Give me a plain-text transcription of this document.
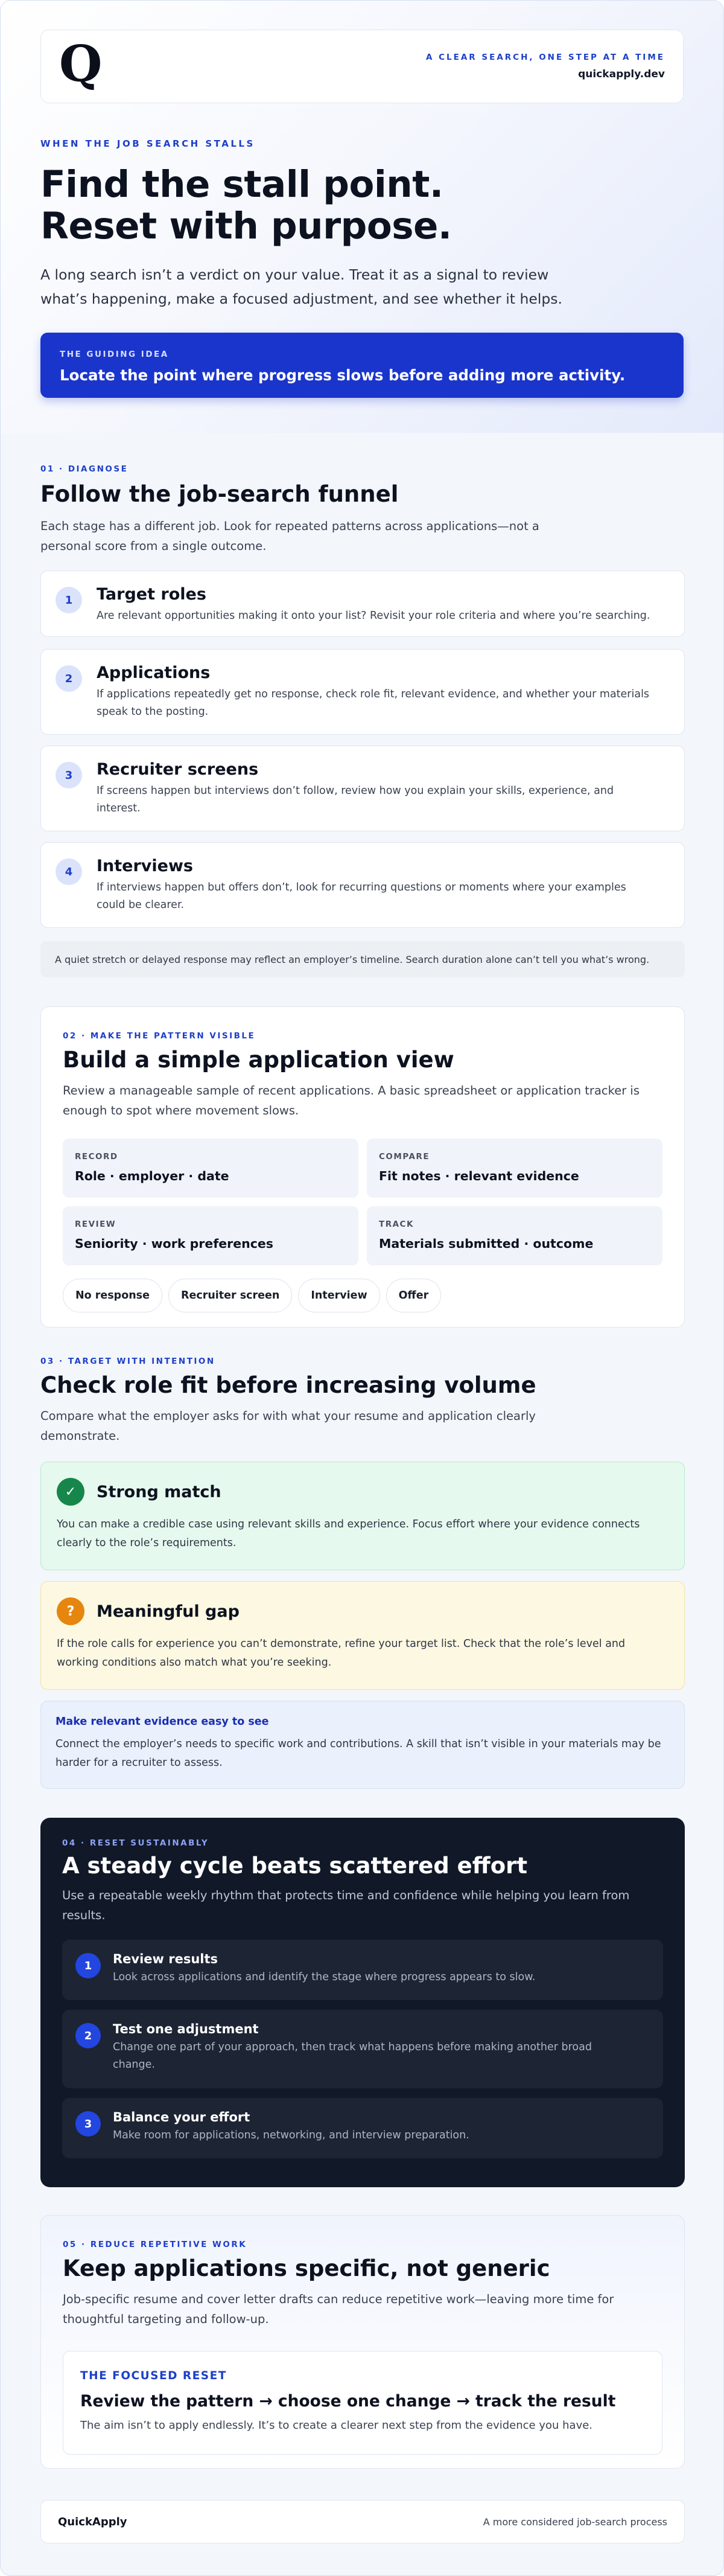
Q	A CLEAR SEARCH, ONE STEP AT A TIME
quickapply.dev
WHEN THE JOB SEARCH STALLS
Find the stall point.
Reset with purpose.

A long search isn’t a verdict on your value. Treat it as a signal to review what’s happening, make a focused adjustment, and see whether it helps.

THE GUIDING IDEA
Locate the point where progress slows before adding more activity.
01 · DIAGNOSE
Follow the job-search funnel

Each stage has a different job. Look for repeated patterns across applications—not a personal score from a single outcome.

1	Target roles
Are relevant opportunities making it onto your list? Revisit your role criteria and where you’re searching.
2	Applications
If applications repeatedly get no response, check role fit, relevant evidence, and whether your materials speak to the posting.
3	Recruiter screens
If screens happen but interviews don’t follow, review how you explain your skills, experience, and interest.
4	Interviews
If interviews happen but offers don’t, look for recurring questions or moments where your examples could be clearer.
A quiet stretch or delayed response may reflect an employer’s timeline. Search duration alone can’t tell you what’s wrong.
02 · MAKE THE PATTERN VISIBLE
Build a simple application view

Review a manageable sample of recent applications. A basic spreadsheet or application tracker is enough to spot where movement slows.

RECORD
Role · employer · date
COMPARE
Fit notes · relevant evidence
REVIEW
Seniority · work preferences
TRACK
Materials submitted · outcome
No response	Recruiter screen	Interview	Offer
03 · TARGET WITH INTENTION
Check role fit before increasing volume

Compare what the employer asks for with what your resume and application clearly demonstrate.

✓	Strong match
You can make a credible case using relevant skills and experience. Focus effort where your evidence connects clearly to the role’s requirements.
?	Meaningful gap
If the role calls for experience you can’t demonstrate, refine your target list. Check that the role’s level and working conditions also match what you’re seeking.
Make relevant evidence easy to see
Connect the employer’s needs to specific work and contributions. A skill that isn’t visible in your materials may be harder for a recruiter to assess.
04 · RESET SUSTAINABLY
A steady cycle beats scattered effort

Use a repeatable weekly rhythm that protects time and confidence while helping you learn from results.

1	Review results
Look across applications and identify the stage where progress appears to slow.
2	Test one adjustment
Change one part of your approach, then track what happens before making another broad change.
3	Balance your effort
Make room for applications, networking, and interview preparation.
05 · REDUCE REPETITIVE WORK
Keep applications specific, not generic

Job-specific resume and cover letter drafts can reduce repetitive work—leaving more time for thoughtful targeting and follow-up.

THE FOCUSED RESET
Review the pattern → choose one change → track the result
The aim isn’t to apply endlessly. It’s to create a clearer next step from the evidence you have.
QuickApply	A more considered job-search process
